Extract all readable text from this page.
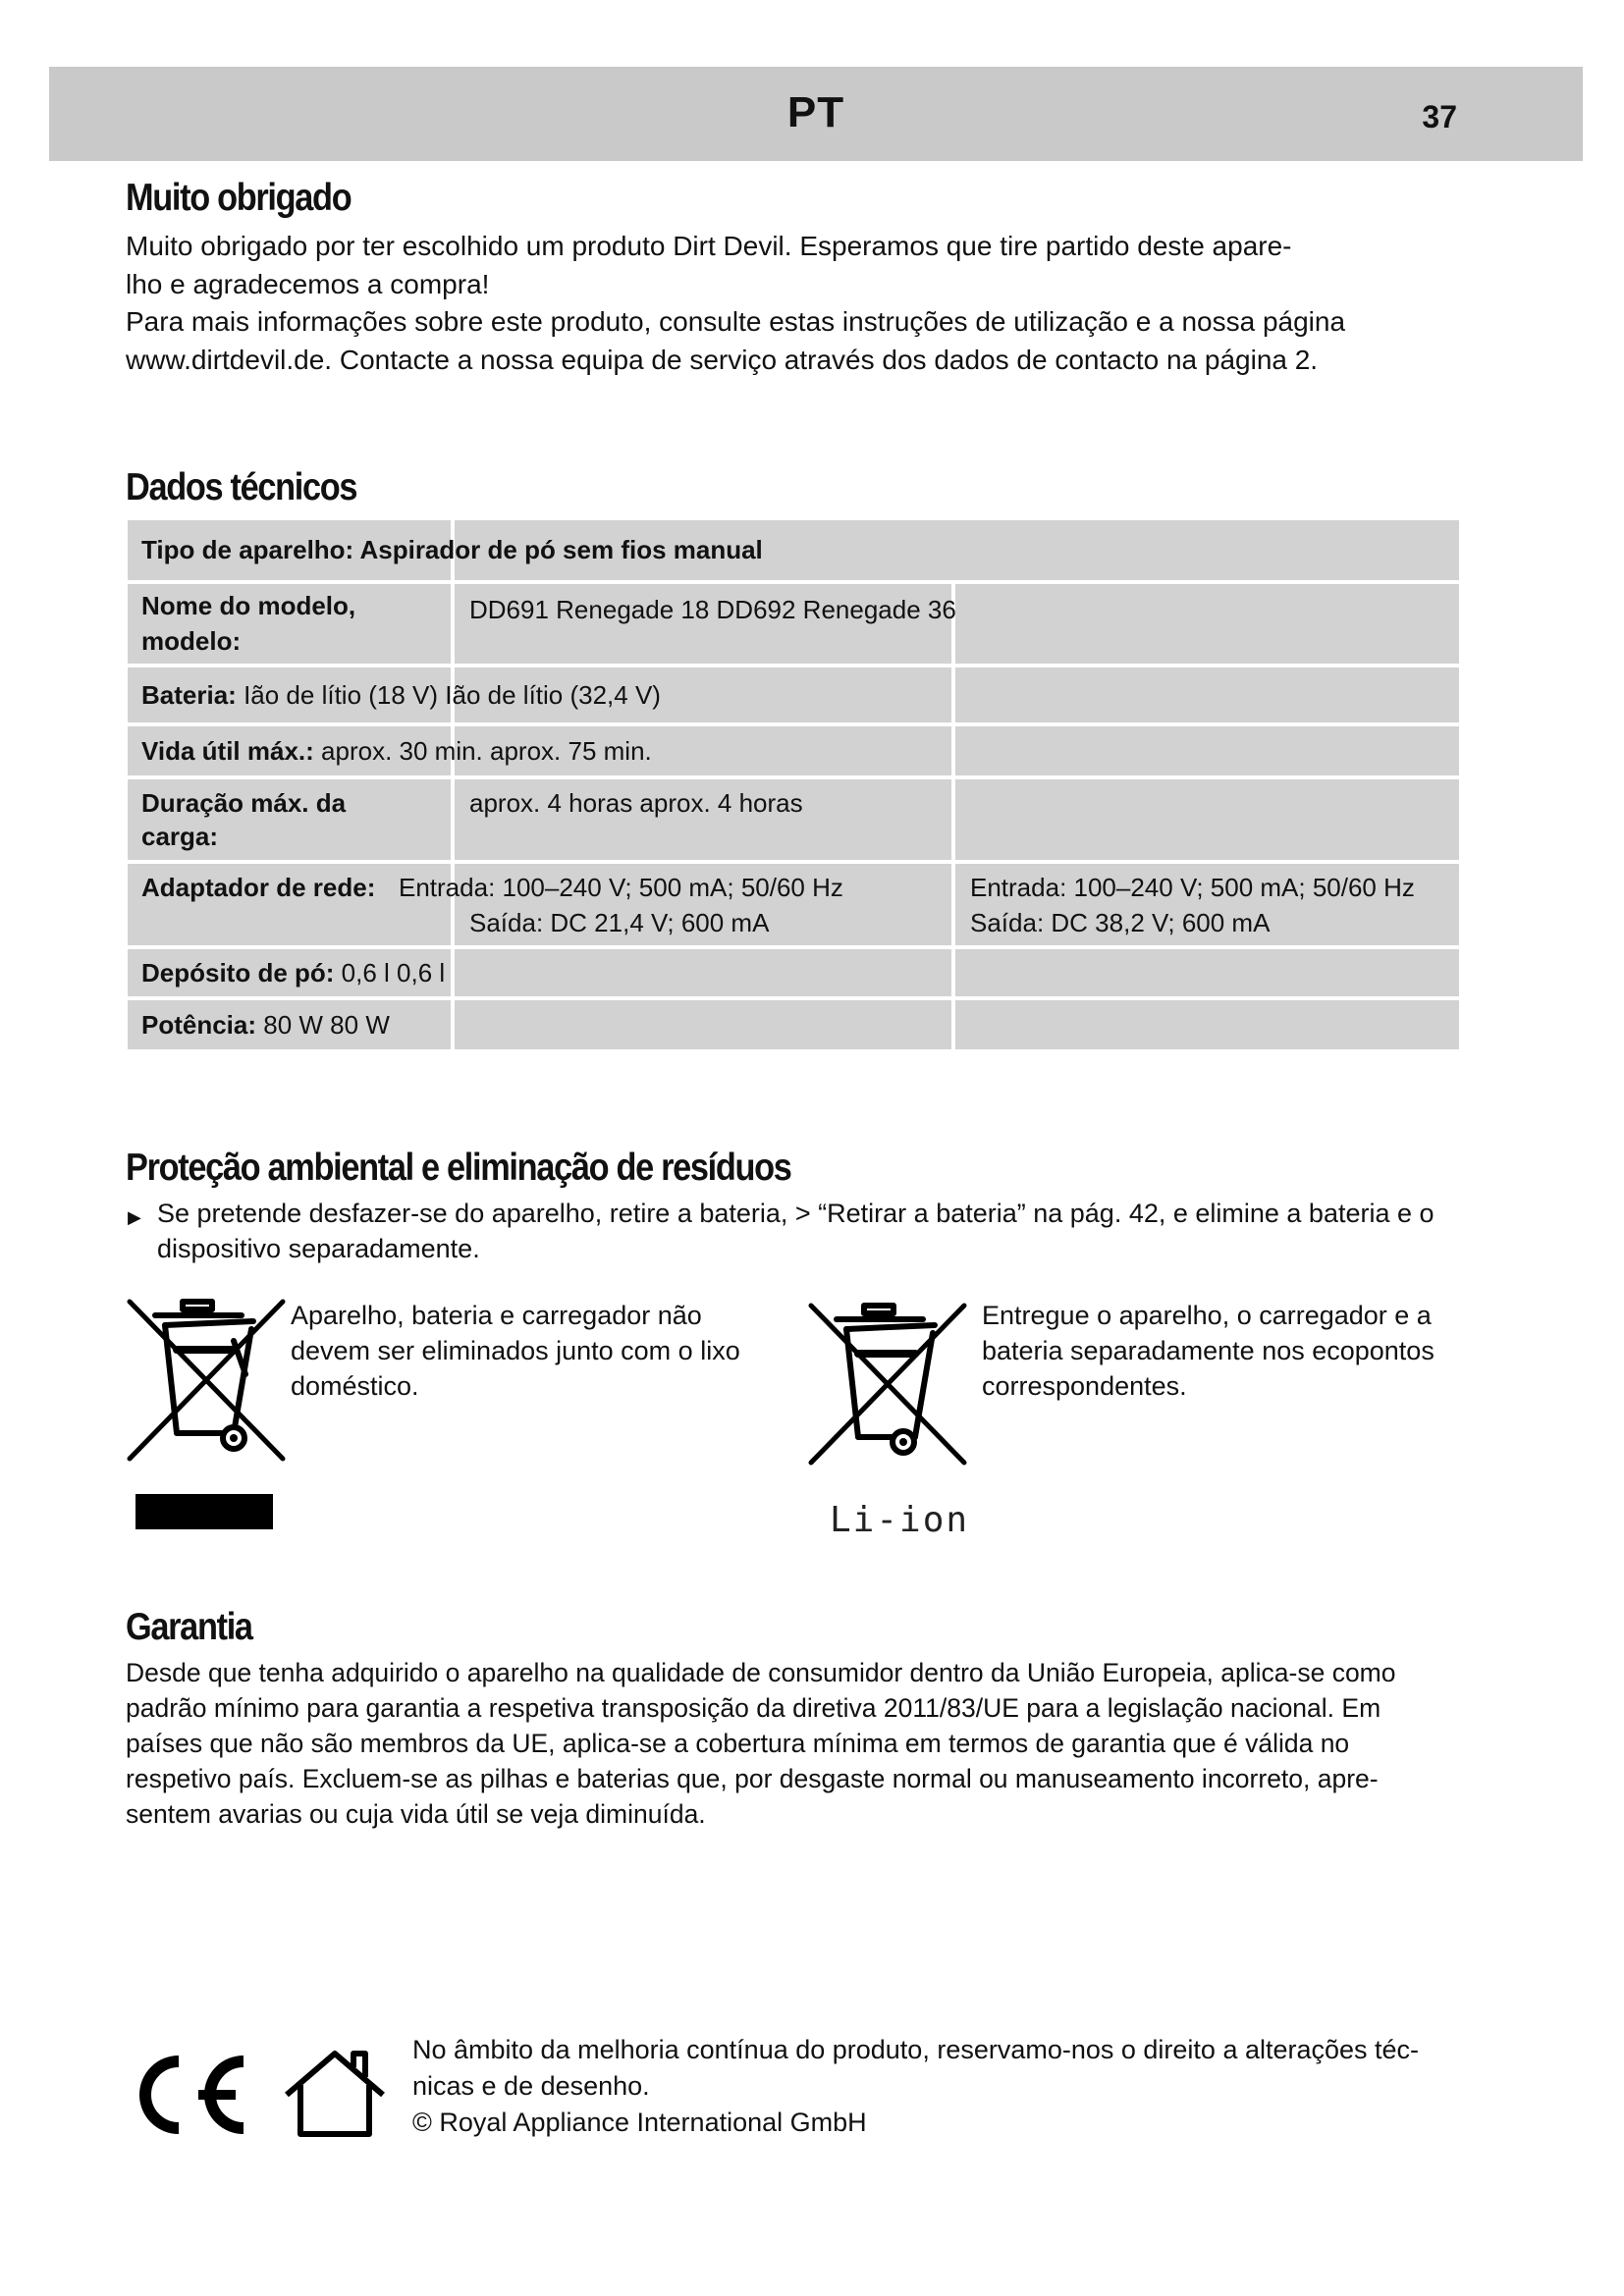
PT	37
Muito obrigado

Muito obrigado por ter escolhido um produto Dirt Devil. Esperamos que tire partido deste apare-

lho e agradecemos a compra!

Para mais informações sobre este produto, consulte estas instruções de utilização e a nossa página

www.dirtdevil.de. Contacte a nossa equipa de serviço através dos dados de contacto na página 2.

Dados técnicos
Tipo de aparelho: Aspirador de pó sem fios manual
Nome do modelo,
modelo:
DD691 Renegade 18 DD692 Renegade 36
Bateria: Ião de lítio (18 V) Ião de lítio (32,4 V)
Vida útil máx.: aprox. 30 min. aprox. 75 min.
Duração máx. da
carga:
aprox. 4 horas aprox. 4 horas
Adaptador de rede: Entrada: 100–240 V; 500 mA; 50/60 Hz
Saída: DC 21,4 V; 600 mA
Entrada: 100–240 V; 500 mA; 50/60 Hz
Saída: DC 38,2 V; 600 mA
Depósito de pó: 0,6 l 0,6 l
Potência: 80 W 80 W
Proteção ambiental e eliminação de resíduos
▶ Se pretende desfazer-se do aparelho, retire a bateria, > “Retirar a bateria” na pág. 42, e elimine a bateria e o
dispositivo separadamente.
Aparelho, bateria e carregador não
devem ser eliminados junto com o lixo
doméstico.
Entregue o aparelho, o carregador e a
bateria separadamente nos ecopontos
correspondentes.
Li-ion
Garantia

Desde que tenha adquirido o aparelho na qualidade de consumidor dentro da União Europeia, aplica-se como

padrão mínimo para garantia a respetiva transposição da diretiva 2011/83/UE para a legislação nacional. Em

países que não são membros da UE, aplica-se a cobertura mínima em termos de garantia que é válida no

respetivo país. Excluem-se as pilhas e baterias que, por desgaste normal ou manuseamento incorreto, apre-

sentem avarias ou cuja vida útil se veja diminuída.

No âmbito da melhoria contínua do produto, reservamo-nos o direito a alterações téc-

nicas e de desenho.

© Royal Appliance International GmbH
